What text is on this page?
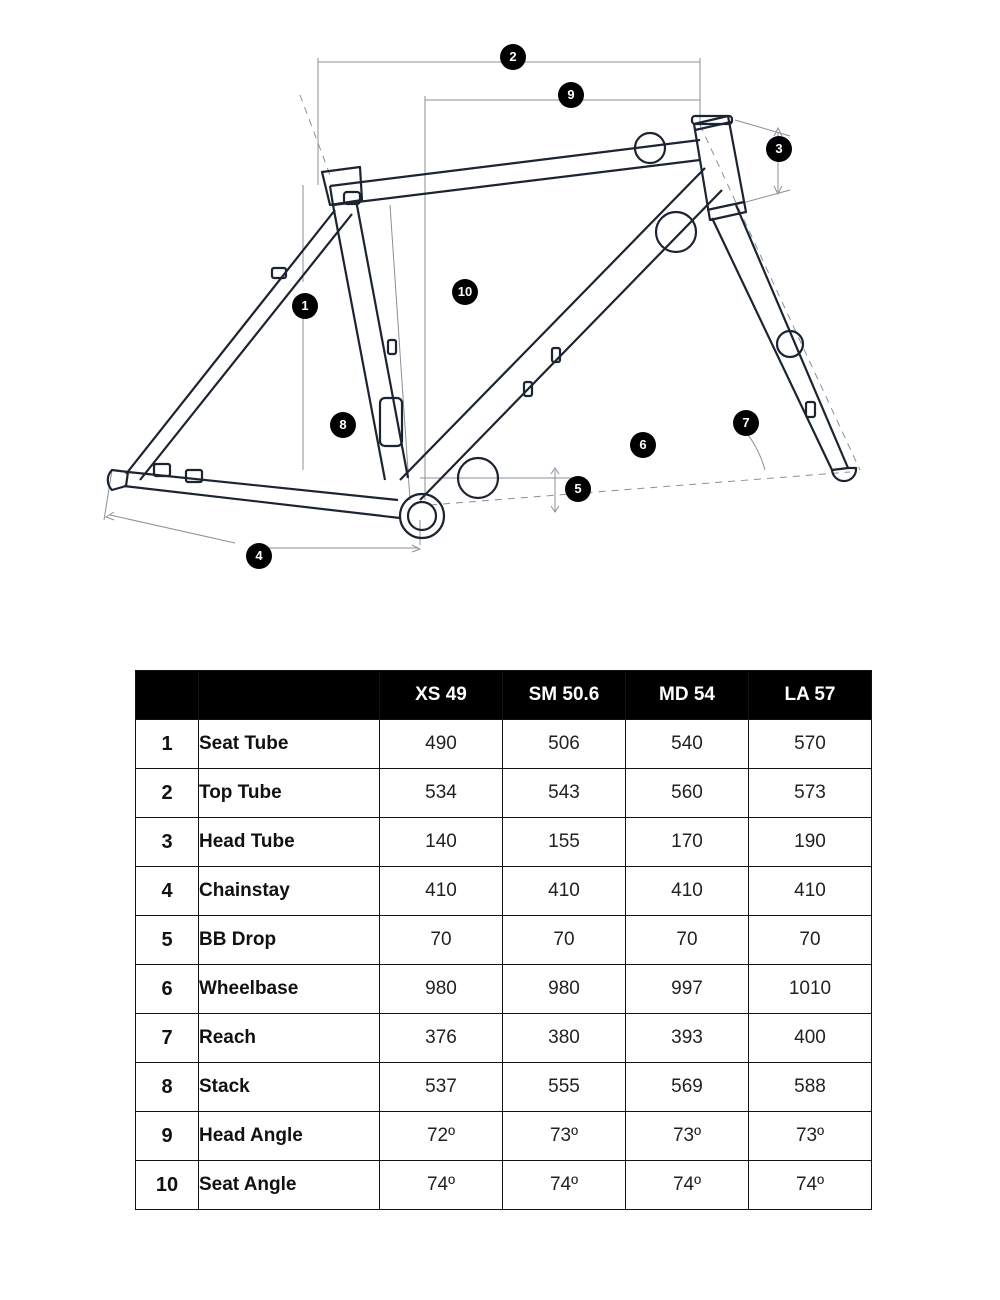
1
2
3
4
5
6
7
8
9
10
		XS 49	SM 50.6	MD 54	LA 57
1	Seat Tube	490	506	540	570
2	Top Tube	534	543	560	573
3	Head Tube	140	155	170	190
4	Chainstay	410	410	410	410
5	BB Drop	70	70	70	70
6	Wheelbase	980	980	997	1010
7	Reach	376	380	393	400
8	Stack	537	555	569	588
9	Head Angle	72º	73º	73º	73º
10	Seat Angle	74º	74º	74º	74º
